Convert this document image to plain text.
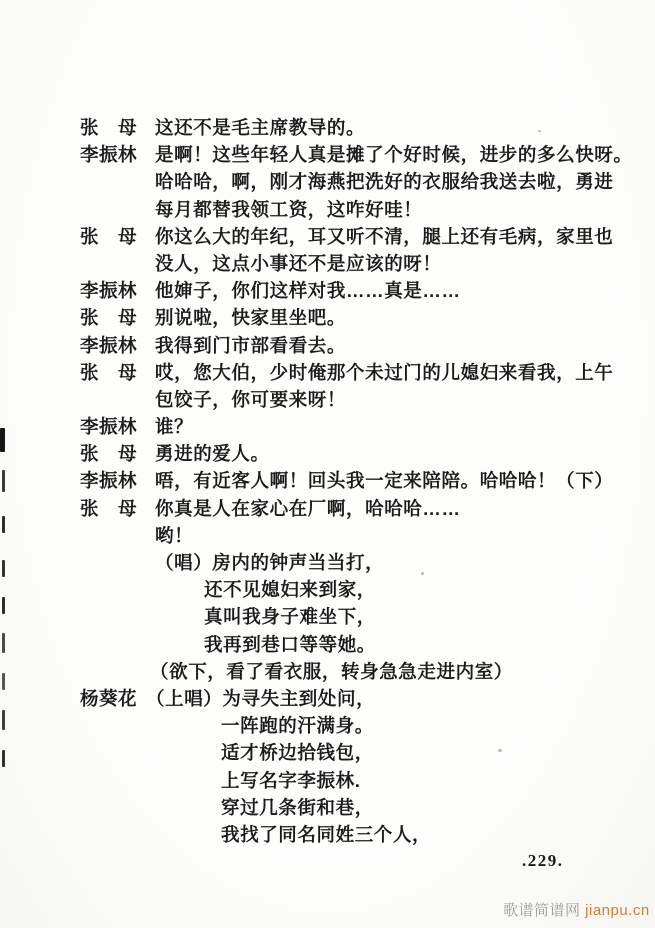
张　母 这还不是毛主席教导的。
李振林 是啊！这些年轻人真是摊了个好时候，进步的多么快呀。
哈哈哈，啊，刚才海燕把洗好的衣服给我送去啦，勇进
每月都替我领工资，这咋好哇！
张　母 你这么大的年纪，耳又听不清，腿上还有毛病，家里也
没人，这点小事还不是应该的呀！
李振林 他婶子，你们这样对我……真是……
张　母 别说啦，快家里坐吧。
李振林 我得到门市部看看去。
张　母 哎，您大伯，少时俺那个未过门的儿媳妇来看我，上午
包饺子，你可要来呀！
李振林 谁？
张　母 勇进的爱人。
李振林 唔，有近客人啊！回头我一定来陪陪。哈哈哈！（下）
张　母 你真是人在家心在厂啊，哈哈哈……
哟！
（唱）房内的钟声当当打，
还不见媳妇来到家，
真叫我身子难坐下，
我再到巷口等等她。
（欲下，看了看衣服，转身急急走进内室）
杨葵花 （上唱）为寻失主到处问，
一阵跑的汗满身。
适才桥边拾钱包，
上写名字李振林.
穿过几条街和巷，
我找了同名同姓三个人，
.229.
歌谱简谱网 jianpu.cn
